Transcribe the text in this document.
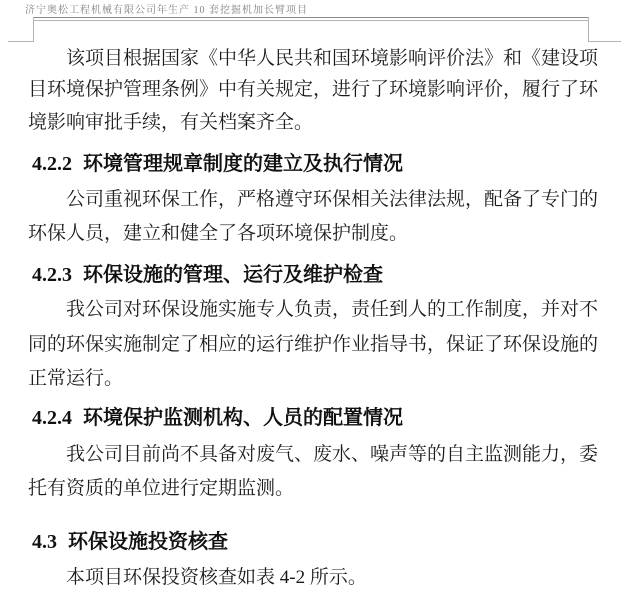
济宁奥松工程机械有限公司年生产 10 套挖掘机加长臂项目
该项目根据国家《中华人民共和国环境影响评价法》和《建设项
目环境保护管理条例》中有关规定，进行了环境影响评价，履行了环
境影响审批手续，有关档案齐全。
4.2.2 环境管理规章制度的建立及执行情况
公司重视环保工作，严格遵守环保相关法律法规，配备了专门的
环保人员，建立和健全了各项环境保护制度。
4.2.3 环保设施的管理、运行及维护检查
我公司对环保设施实施专人负责，责任到人的工作制度，并对不
同的环保实施制定了相应的运行维护作业指导书，保证了环保设施的
正常运行。
4.2.4 环境保护监测机构、人员的配置情况
我公司目前尚不具备对废气、废水、噪声等的自主监测能力，委
托有资质的单位进行定期监测。
4.3 环保设施投资核查
本项目环保投资核查如表 4-2 所示。
